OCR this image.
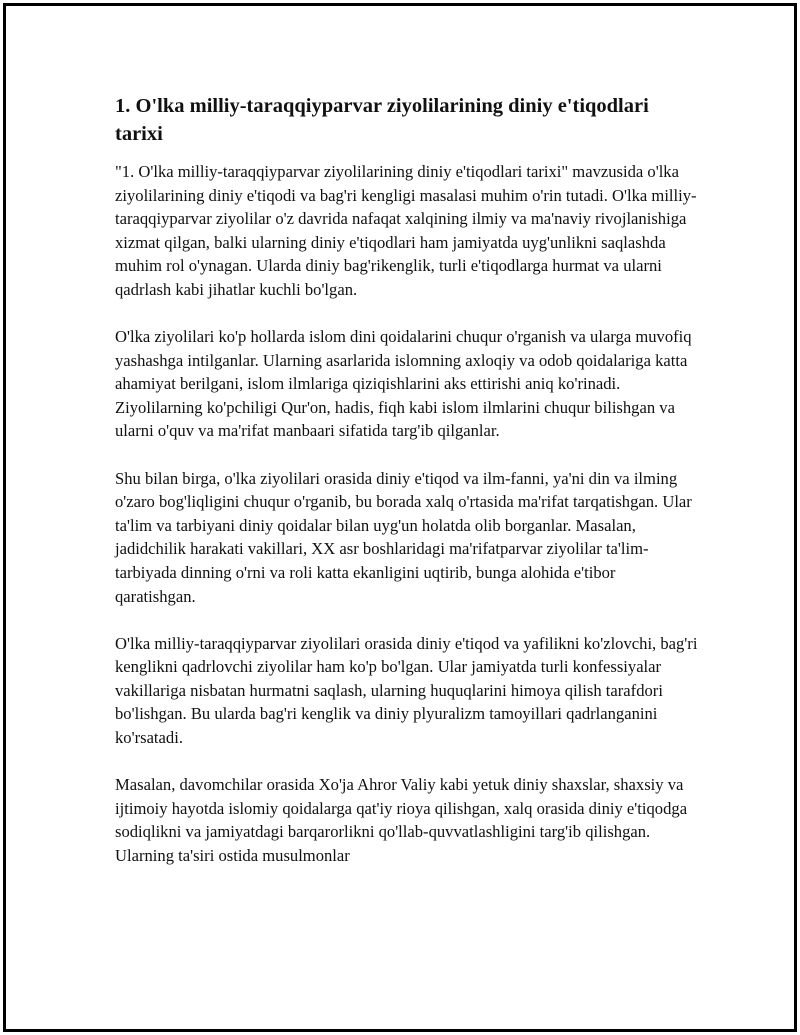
1. O'lka milliy-taraqqiyparvar ziyolilarining diniy e'tiqodlari tarixi

"1. O'lka milliy-taraqqiyparvar ziyolilarining diniy e'tiqodlari tarixi" mavzusida o'lka ziyolilarining diniy e'tiqodi va bag'ri kengligi masalasi muhim o'rin tutadi. O'lka milliy-taraqqiyparvar ziyolilar o'z davrida nafaqat xalqining ilmiy va ma'naviy rivojlanishiga xizmat qilgan, balki ularning diniy e'tiqodlari ham jamiyatda uyg'unlikni saqlashda muhim rol o'ynagan. Ularda diniy bag'rikenglik, turli e'tiqodlarga hurmat va ularni qadrlash kabi jihatlar kuchli bo'lgan.

O'lka ziyolilari ko'p hollarda islom dini qoidalarini chuqur o'rganish va ularga muvofiq yashashga intilganlar. Ularning asarlarida islomning axloqiy va odob qoidalariga katta ahamiyat berilgani, islom ilmlariga qiziqishlarini aks ettirishi aniq ko'rinadi. Ziyolilarning ko'pchiligi Qur'on, hadis, fiqh kabi islom ilmlarini chuqur bilishgan va ularni o'quv va ma'rifat manbaari sifatida targ'ib qilganlar.

Shu bilan birga, o'lka ziyolilari orasida diniy e'tiqod va ilm-fanni, ya'ni din va ilming o'zaro bog'liqligini chuqur o'rganib, bu borada xalq o'rtasida ma'rifat tarqatishgan. Ular ta'lim va tarbiyani diniy qoidalar bilan uyg'un holatda olib borganlar. Masalan, jadidchilik harakati vakillari, XX asr boshlaridagi ma'rifatparvar ziyolilar ta'lim-tarbiyada dinning o'rni va roli katta ekanligini uqtirib, bunga alohida e'tibor qaratishgan.

O'lka milliy-taraqqiyparvar ziyolilari orasida diniy e'tiqod va yafilikni ko'zlovchi, bag'ri kenglikni qadrlovchi ziyolilar ham ko'p bo'lgan. Ular jamiyatda turli konfessiyalar vakillariga nisbatan hurmatni saqlash, ularning huquqlarini himoya qilish tarafdori bo'lishgan. Bu ularda bag'ri kenglik va diniy plyuralizm tamoyillari qadrlanganini ko'rsatadi.

Masalan, davomchilar orasida Xo'ja Ahror Valiy kabi yetuk diniy shaxslar, shaxsiy va ijtimoiy hayotda islomiy qoidalarga qat'iy rioya qilishgan, xalq orasida diniy e'tiqodga sodiqlikni va jamiyatdagi barqarorlikni qo'llab-quvvatlashligini targ'ib qilishgan. Ularning ta'siri ostida musulmonlar
